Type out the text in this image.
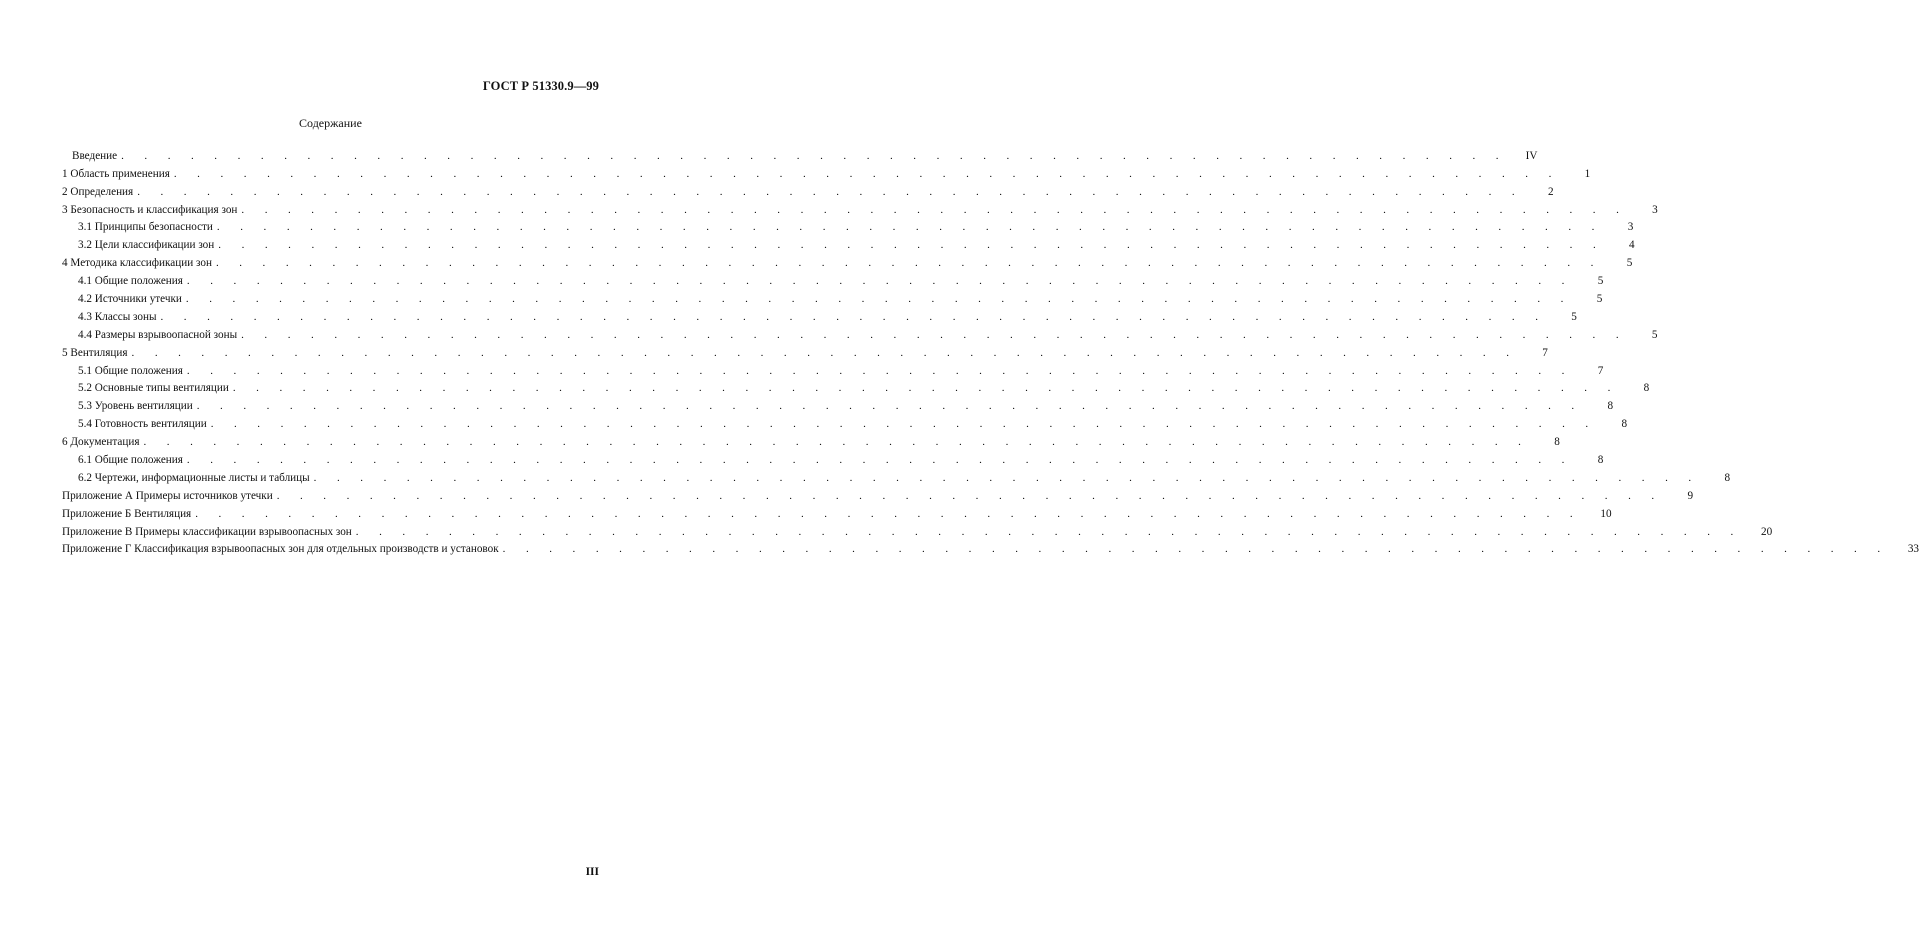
ГОСТ Р 51330.9—99
Содержание
Введение . . . . . . . . . . . . . . . . . . . . . . . . . . . . . . . . . . . . . . . . . . . . . . . . . . . . . . . . . . . .	IV
1 Область применения . . . . . . . . . . . . . . . . . . . . . . . . . . . . . . . . . . . . . . . . . . . . . . . . . . . . . . . . . . . .	1
2 Определения . . . . . . . . . . . . . . . . . . . . . . . . . . . . . . . . . . . . . . . . . . . . . . . . . . . . . . . . . . . .	2
3 Безопасность и классификация зон . . . . . . . . . . . . . . . . . . . . . . . . . . . . . . . . . . . . . . . . . . . . . . . . . . . . . . . . . . . .	3
3.1 Принципы безопасности . . . . . . . . . . . . . . . . . . . . . . . . . . . . . . . . . . . . . . . . . . . . . . . . . . . . . . . . . . . .	3
3.2 Цели классификации зон . . . . . . . . . . . . . . . . . . . . . . . . . . . . . . . . . . . . . . . . . . . . . . . . . . . . . . . . . . . .	4
4 Методика классификации зон . . . . . . . . . . . . . . . . . . . . . . . . . . . . . . . . . . . . . . . . . . . . . . . . . . . . . . . . . . . .	5
4.1 Общие положения . . . . . . . . . . . . . . . . . . . . . . . . . . . . . . . . . . . . . . . . . . . . . . . . . . . . . . . . . . . .	5
4.2 Источники утечки . . . . . . . . . . . . . . . . . . . . . . . . . . . . . . . . . . . . . . . . . . . . . . . . . . . . . . . . . . . .	5
4.3 Классы зоны . . . . . . . . . . . . . . . . . . . . . . . . . . . . . . . . . . . . . . . . . . . . . . . . . . . . . . . . . . . .	5
4.4 Размеры взрывоопасной зоны . . . . . . . . . . . . . . . . . . . . . . . . . . . . . . . . . . . . . . . . . . . . . . . . . . . . . . . . . . . .	5
5 Вентиляция . . . . . . . . . . . . . . . . . . . . . . . . . . . . . . . . . . . . . . . . . . . . . . . . . . . . . . . . . . . .	7
5.1 Общие положения . . . . . . . . . . . . . . . . . . . . . . . . . . . . . . . . . . . . . . . . . . . . . . . . . . . . . . . . . . . .	7
5.2 Основные типы вентиляции . . . . . . . . . . . . . . . . . . . . . . . . . . . . . . . . . . . . . . . . . . . . . . . . . . . . . . . . . . . .	8
5.3 Уровень вентиляции . . . . . . . . . . . . . . . . . . . . . . . . . . . . . . . . . . . . . . . . . . . . . . . . . . . . . . . . . . . .	8
5.4 Готовность вентиляции . . . . . . . . . . . . . . . . . . . . . . . . . . . . . . . . . . . . . . . . . . . . . . . . . . . . . . . . . . . .	8
6 Документация . . . . . . . . . . . . . . . . . . . . . . . . . . . . . . . . . . . . . . . . . . . . . . . . . . . . . . . . . . . .	8
6.1 Общие положения . . . . . . . . . . . . . . . . . . . . . . . . . . . . . . . . . . . . . . . . . . . . . . . . . . . . . . . . . . . .	8
6.2 Чертежи, информационные листы и таблицы . . . . . . . . . . . . . . . . . . . . . . . . . . . . . . . . . . . . . . . . . . . . . . . . . . . . . . . . . . . .	8
Приложение А Примеры источников утечки . . . . . . . . . . . . . . . . . . . . . . . . . . . . . . . . . . . . . . . . . . . . . . . . . . . . . . . . . . . .	9
Приложение Б Вентиляция . . . . . . . . . . . . . . . . . . . . . . . . . . . . . . . . . . . . . . . . . . . . . . . . . . . . . . . . . . . .	10
Приложение В Примеры классификации взрывоопасных зон . . . . . . . . . . . . . . . . . . . . . . . . . . . . . . . . . . . . . . . . . . . . . . . . . . . . . . . . . . . .	20
Приложение Г Классификация взрывоопаcных зон для отдельных производств и установок . . . . . . . . . . . . . . . . . . . . . . . . . . . . . . . . . . . . . . . . . . . . . . . . . . . . . . . . . . . .	33
III
